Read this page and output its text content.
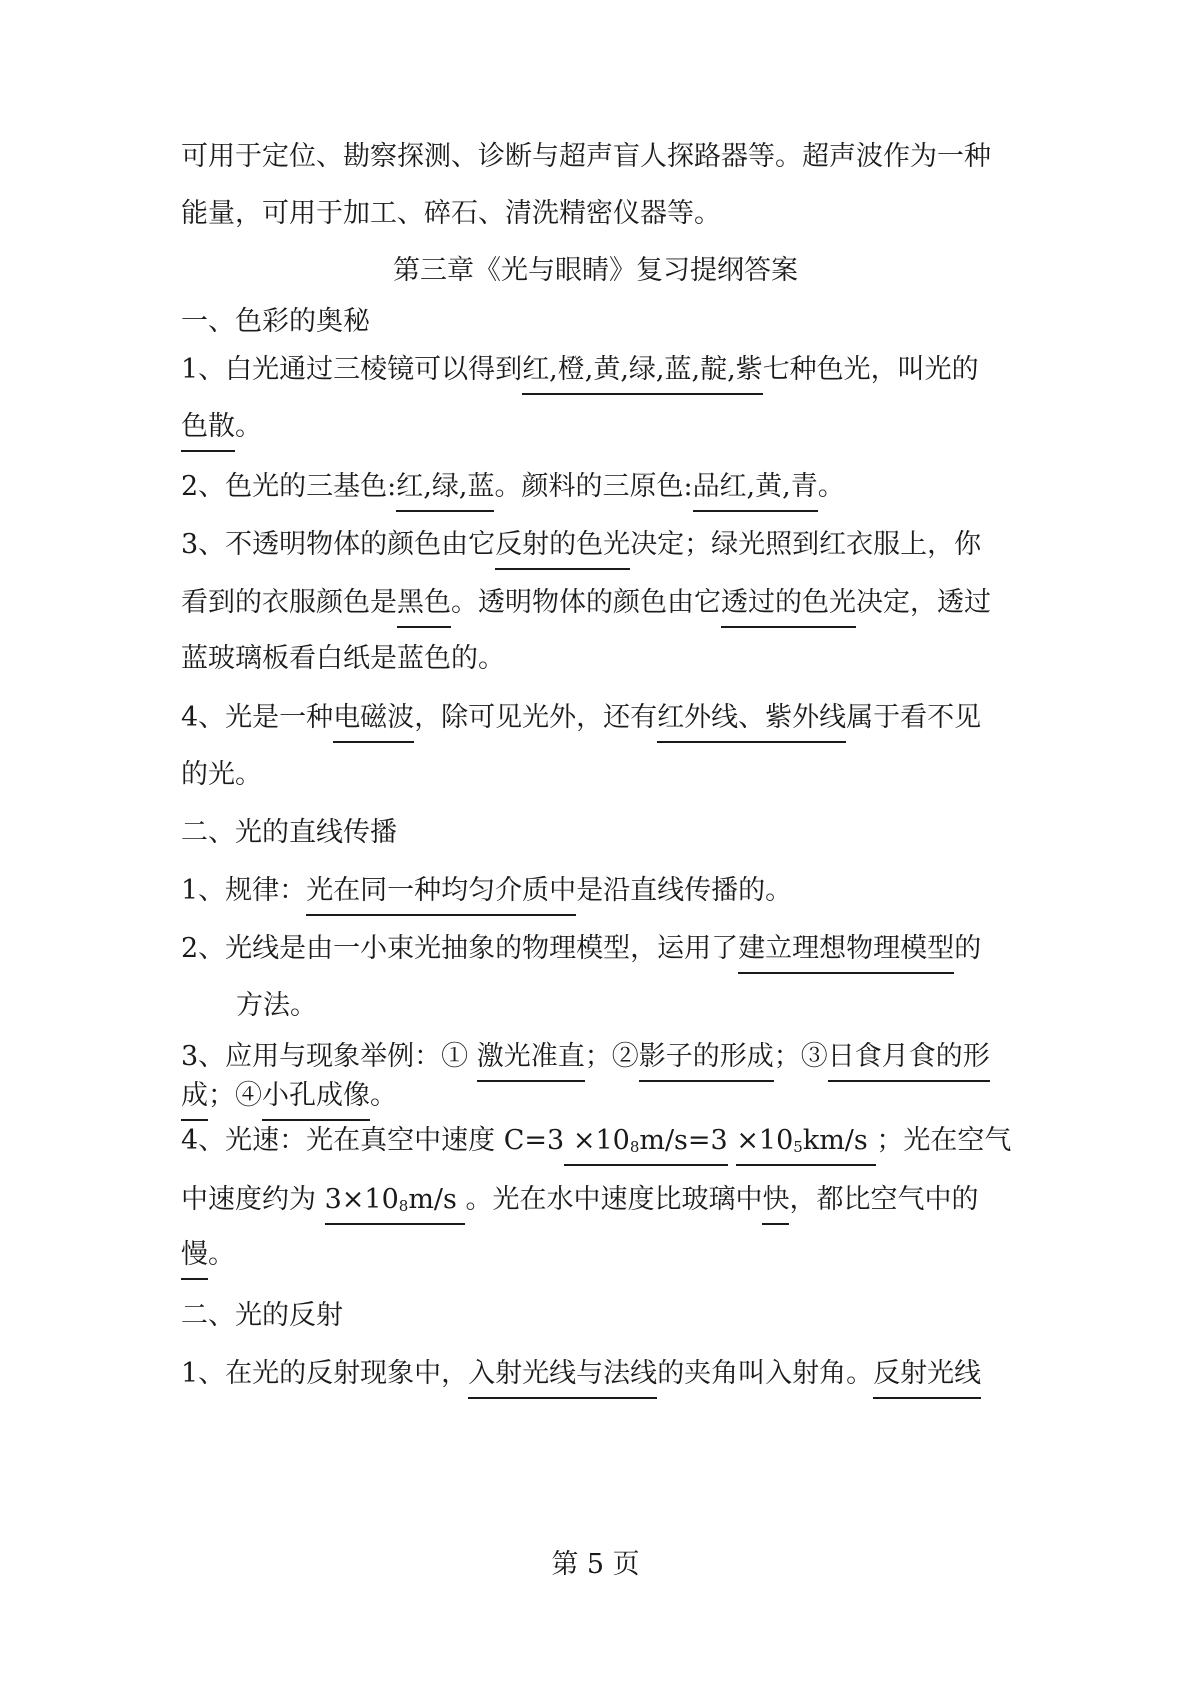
可用于定位、勘察探测、诊断与超声盲人探路器等。超声波作为一种
能量，可用于加工、碎石、清洗精密仪器等。
第三章《光与眼睛》复习提纲答案
一、色彩的奥秘
1、白光通过三棱镜可以得到红,橙,黄,绿,蓝,靛,紫七种色光，叫光的
色散。
2、色光的三基色:红,绿,蓝。颜料的三原色:品红,黄,青。
3、不透明物体的颜色由它反射的色光决定；绿光照到红衣服上，你
看到的衣服颜色是黑色。透明物体的颜色由它透过的色光决定，透过
蓝玻璃板看白纸是蓝色的。
4、光是一种电磁波，除可见光外，还有红外线、紫外线属于看不见
的光。
二、光的直线传播
1、规律：光在同一种均匀介质中是沿直线传播的。
2、光线是由一小束光抽象的物理模型，运用了建立理想物理模型的
方法。
3、应用与现象举例：① 激光准直；②影子的形成；③日食月食的形
成；④小孔成像。
4、光速：光在真空中速度 $C=3 \times 10_8m/s=3 \times 10_5km/s$ ；光在空气
中速度约为 $3\times 10_8m/s$ 。光在水中速度比玻璃中快，都比空气中的
慢。
二、光的反射
1、在光的反射现象中，入射光线与法线的夹角叫入射角。反射光线
第 5 页
